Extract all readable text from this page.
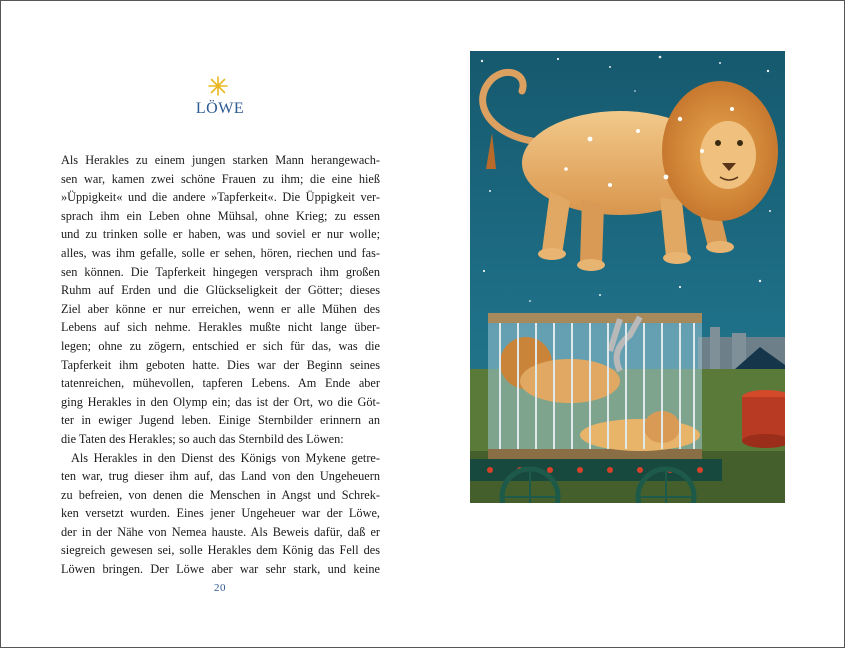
LÖWE
Als Herakles zu einem jungen starken Mann herangewach-
sen war, kamen zwei schöne Frauen zu ihm; die eine hieß
»Üppigkeit« und die andere »Tapferkeit«. Die Üppigkeit ver-
sprach ihm ein Leben ohne Mühsal, ohne Krieg; zu essen
und zu trinken solle er haben, was und soviel er nur wolle;
alles, was ihm gefalle, solle er sehen, hören, riechen und fas-
sen können. Die Tapferkeit hingegen versprach ihm großen
Ruhm auf Erden und die Glückseligkeit der Götter; dieses
Ziel aber könne er nur erreichen, wenn er alle Mühen des
Lebens auf sich nehme. Herakles mußte nicht lange über-
legen; ohne zu zögern, entschied er sich für das, was die
Tapferkeit ihm geboten hatte. Dies war der Beginn seines
tatenreichen, mühevollen, tapferen Lebens. Am Ende aber
ging Herakles in den Olymp ein; das ist der Ort, wo die Göt-
ter in ewiger Jugend leben. Einige Sternbilder erinnern an
die Taten des Herakles; so auch das Sternbild des Löwen:
Als Herakles in den Dienst des Königs von Mykene getre-
ten war, trug dieser ihm auf, das Land von den Ungeheuern
zu befreien, von denen die Menschen in Angst und Schrek-
ken versetzt wurden. Eines jener Ungeheuer war der Löwe,
der in der Nähe von Nemea hauste. Als Beweis dafür, daß er
siegreich gewesen sei, solle Herakles dem König das Fell des
Löwen bringen. Der Löwe aber war sehr stark, und keine
20
